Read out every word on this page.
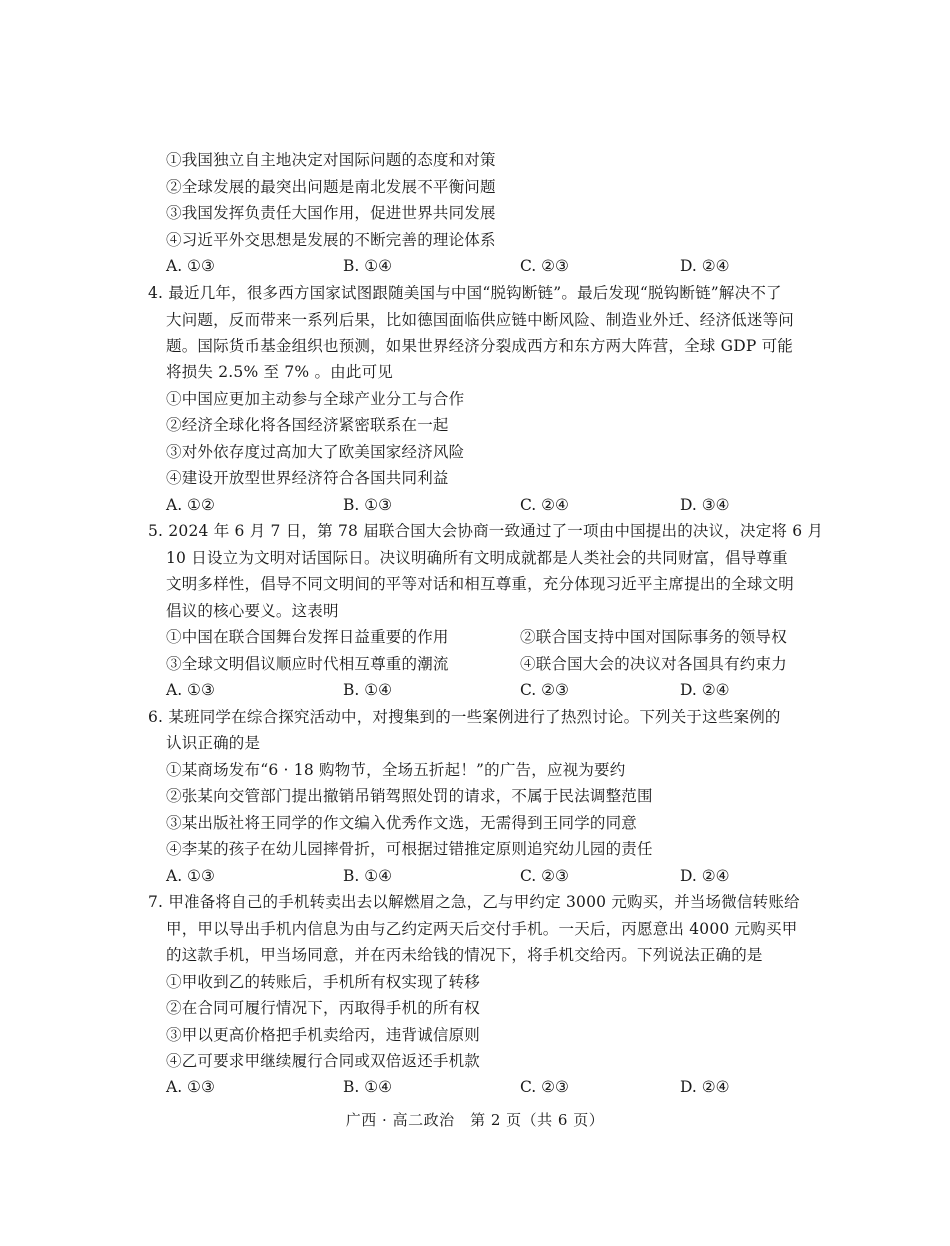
①我国独立自主地决定对国际问题的态度和对策
②全球发展的最突出问题是南北发展不平衡问题
③我国发挥负责任大国作用，促进世界共同发展
④习近平外交思想是发展的不断完善的理论体系
A. ①③	B. ①④	C. ②③	D. ②④
4. 最近几年，很多西方国家试图跟随美国与中国“脱钩断链”。最后发现“脱钩断链”解决不了
大问题，反而带来一系列后果，比如德国面临供应链中断风险、制造业外迁、经济低迷等问
题。国际货币基金组织也预测，如果世界经济分裂成西方和东方两大阵营，全球 GDP 可能
将损失 2.5% 至 7% 。由此可见
①中国应更加主动参与全球产业分工与合作
②经济全球化将各国经济紧密联系在一起
③对外依存度过高加大了欧美国家经济风险
④建设开放型世界经济符合各国共同利益
A. ①②	B. ①③	C. ②④	D. ③④
5. 2024 年 6 月 7 日，第 78 届联合国大会协商一致通过了一项由中国提出的决议，决定将 6 月
10 日设立为文明对话国际日。决议明确所有文明成就都是人类社会的共同财富，倡导尊重
文明多样性，倡导不同文明间的平等对话和相互尊重，充分体现习近平主席提出的全球文明
倡议的核心要义。这表明
①中国在联合国舞台发挥日益重要的作用	②联合国支持中国对国际事务的领导权
③全球文明倡议顺应时代相互尊重的潮流	④联合国大会的决议对各国具有约束力
A. ①③	B. ①④	C. ②③	D. ②④
6. 某班同学在综合探究活动中，对搜集到的一些案例进行了热烈讨论。下列关于这些案例的
认识正确的是
①某商场发布“6 · 18 购物节，全场五折起！”的广告，应视为要约
②张某向交管部门提出撤销吊销驾照处罚的请求，不属于民法调整范围
③某出版社将王同学的作文编入优秀作文选，无需得到王同学的同意
④李某的孩子在幼儿园摔骨折，可根据过错推定原则追究幼儿园的责任
A. ①③	B. ①④	C. ②③	D. ②④
7. 甲准备将自己的手机转卖出去以解燃眉之急，乙与甲约定 3000 元购买，并当场微信转账给
甲，甲以导出手机内信息为由与乙约定两天后交付手机。一天后，丙愿意出 4000 元购买甲
的这款手机，甲当场同意，并在丙未给钱的情况下，将手机交给丙。下列说法正确的是
①甲收到乙的转账后，手机所有权实现了转移
②在合同可履行情况下，丙取得手机的所有权
③甲以更高价格把手机卖给丙，违背诚信原则
④乙可要求甲继续履行合同或双倍返还手机款
A. ①③	B. ①④	C. ②③	D. ②④
广西 · 高二政治　第 2 页（共 6 页）
